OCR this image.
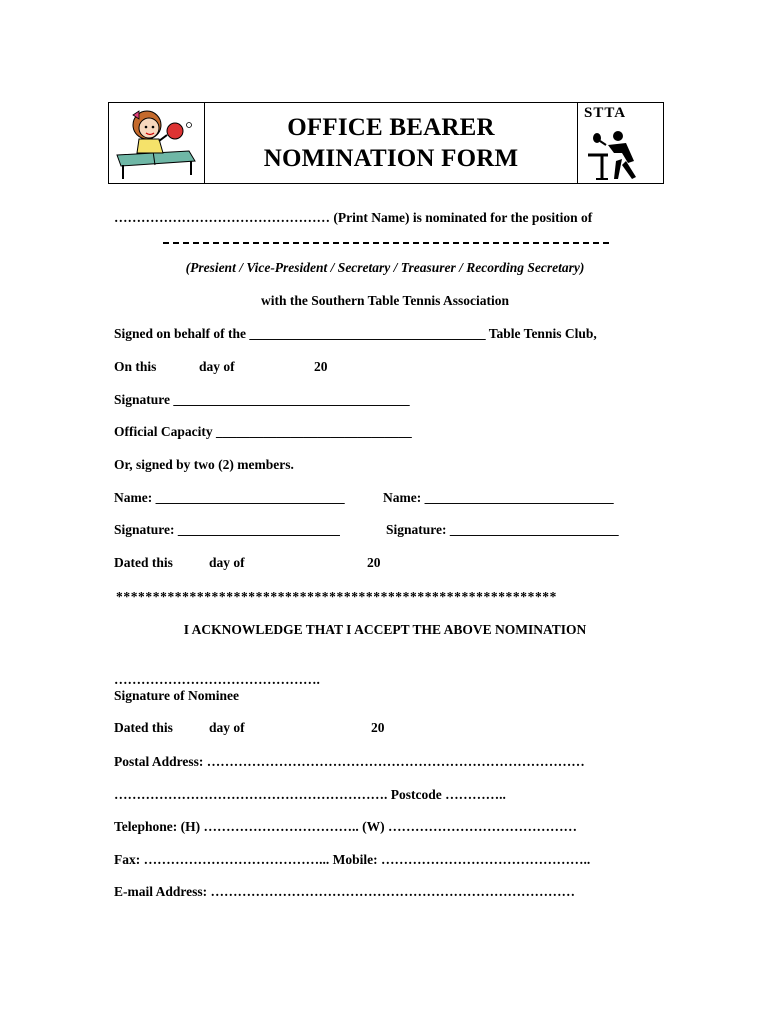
OFFICE BEARER
NOMINATION FORM
STTA
………………………………………… (Print Name) is nominated for the position of
(Presient / Vice-President / Secretary / Treasurer / Recording Secretary)
with the Southern Table Tennis Association
Signed on behalf of the ___________________________________ Table Tennis Club,
On this	day of	20
Signature ___________________________________
Official Capacity _____________________________
Or, signed by two (2) members.
Name: ____________________________	Name: ____________________________
Signature: ________________________	Signature: _________________________
Dated this	day of	20
************************************************************
I ACKNOWLEDGE THAT I ACCEPT THE ABOVE NOMINATION
……………………………………….
Signature of Nominee
Dated this	day of	20
Postal Address: …………………………………………………………………………
……………………………………………………. Postcode …………..
Telephone: (H) …………………………….. (W) ……………………………………
Fax: …………………………………... Mobile: ………………………………………..
E-mail Address: ………………………………………………………………………
